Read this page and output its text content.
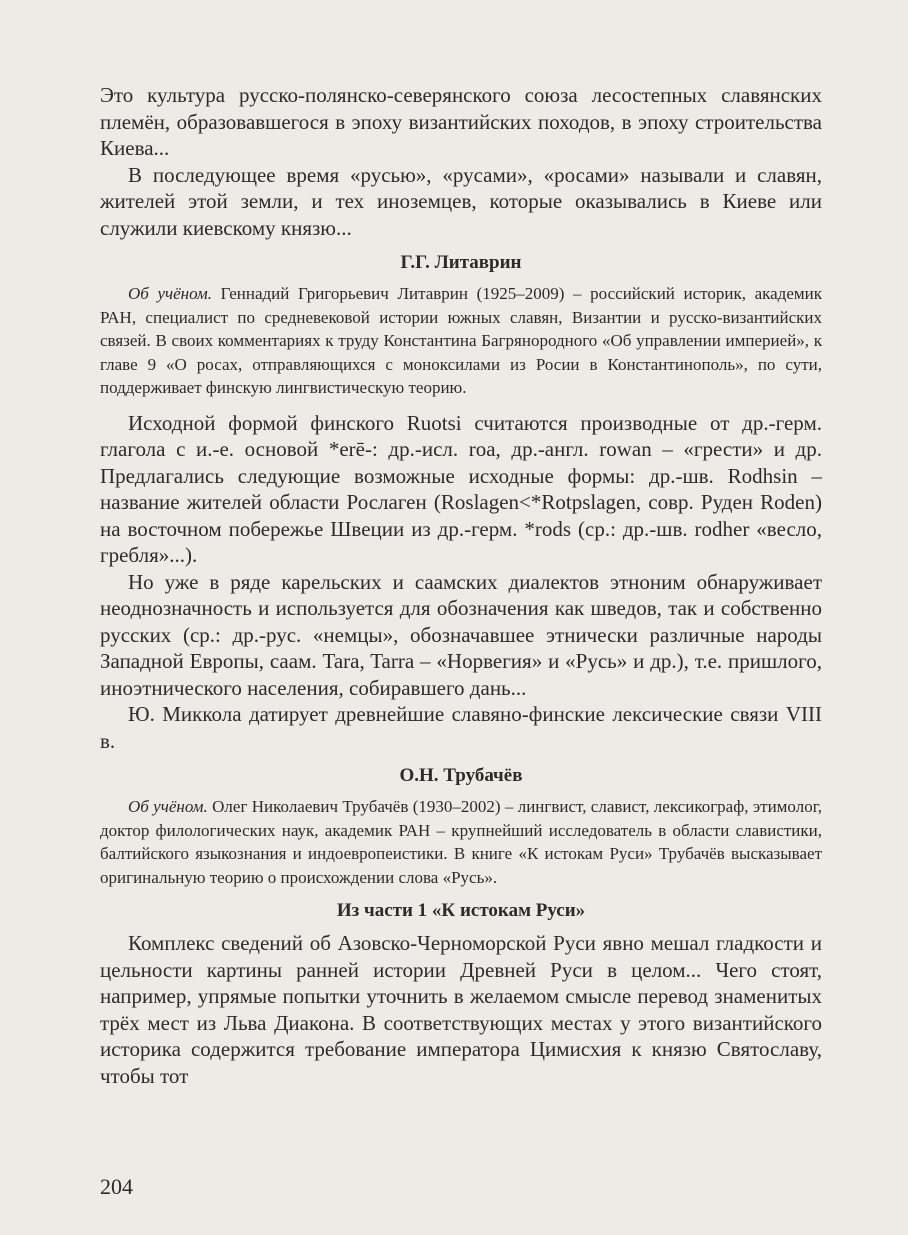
Это культура русско-полянско-северянского союза лесостепных славянских племён, образовавшегося в эпоху византийских походов, в эпоху строительства Киева...

В последующее время «русью», «русами», «росами» называли и славян, жителей этой земли, и тех иноземцев, которые оказывались в Киеве или служили киевскому князю...

Г.Г. Литаврин

Об учёном. Геннадий Григорьевич Литаврин (1925–2009) – российский историк, академик РАН, специалист по средневековой истории южных славян, Византии и русско-византийских связей. В своих комментариях к труду Константина Багрянородного «Об управлении империей», к главе 9 «О росах, отправляющихся с моноксилами из Росии в Константинополь», по сути, поддерживает финскую лингвистическую теорию.

Исходной формой финского Ruotsi считаются производные от др.-герм. глагола с и.-е. основой *erē-: др.-исл. roa, др.-англ. rowan – «грести» и др. Предлагались следующие возможные исходные формы: др.-шв. Rodhsin – название жителей области Рослаген (Roslagen<*Rotpslagen, совр. Руден Roden) на восточном побережье Швеции из др.-герм. *rods (ср.: др.-шв. rodher «весло, гребля»...).

Но уже в ряде карельских и саамских диалектов этноним обнаруживает неоднозначность и используется для обозначения как шведов, так и собственно русских (ср.: др.-рус. «немцы», обозначавшее этнически различные народы Западной Европы, саам. Tara, Tarra – «Норвегия» и «Русь» и др.), т.е. пришлого, иноэтнического населения, собиравшего дань...

Ю. Миккола датирует древнейшие славяно-финские лексические связи VIII в.

О.Н. Трубачёв

Об учёном. Олег Николаевич Трубачёв (1930–2002) – лингвист, славист, лексикограф, этимолог, доктор филологических наук, академик РАН – крупнейший исследователь в области славистики, балтийского языкознания и индоевропеистики. В книге «К истокам Руси» Трубачёв высказывает оригинальную теорию о происхождении слова «Русь».

Из части 1 «К истокам Руси»

Комплекс сведений об Азовско-Черноморской Руси явно мешал гладкости и цельности картины ранней истории Древней Руси в целом... Чего стоят, например, упрямые попытки уточнить в желаемом смысле перевод знаменитых трёх мест из Льва Диакона. В соответствующих местах у этого византийского историка содержится требование императора Цимисхия к князю Святославу, чтобы тот

204
